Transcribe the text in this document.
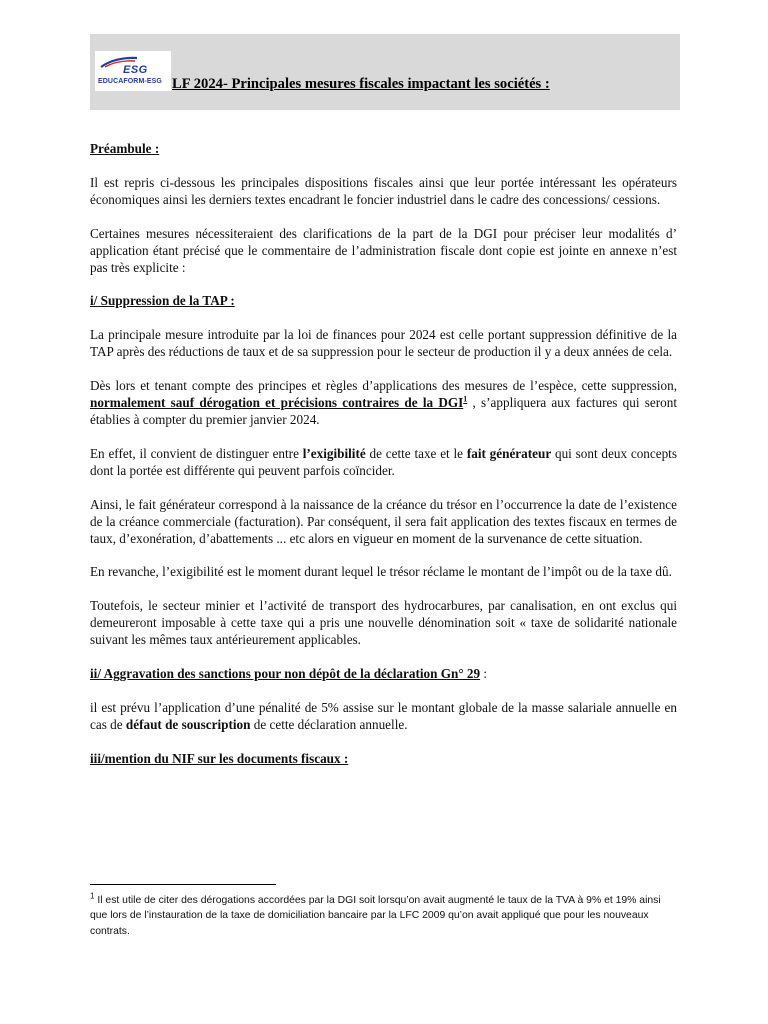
ESG
EDUCAFORM-ESG LF 2024- Principales mesures fiscales impactant les sociétés :

Préambule :

Il est repris ci-dessous les principales dispositions fiscales ainsi que leur portée intéressant les opérateurs économiques ainsi les derniers textes encadrant le foncier industriel dans le cadre des concessions/ cessions.

Certaines mesures nécessiteraient des clarifications de la part de la DGI pour préciser leur modalités d’ application étant précisé que le commentaire de l’administration fiscale dont copie est jointe en annexe n’est pas très explicite :

i/ Suppression de la TAP :

La principale mesure introduite par la loi de finances pour 2024 est celle portant suppression définitive de la TAP après des réductions de taux et de sa suppression pour le secteur de production il y a deux années de cela.

Dès lors et tenant compte des principes et règles d’applications des mesures de l’espèce, cette suppression, normalement sauf dérogation et précisions contraires de la DGI$^1$ , s’appliquera aux factures qui seront établies à compter du premier janvier 2024.

En effet, il convient de distinguer entre l’exigibilité de cette taxe et le fait générateur qui sont deux concepts dont la portée est différente qui peuvent parfois coïncider.

Ainsi, le fait générateur correspond à la naissance de la créance du trésor en l’occurrence la date de l’existence de la créance commerciale (facturation). Par conséquent, il sera fait application des textes fiscaux en termes de taux, d’exonération, d’abattements ... etc alors en vigueur en moment de la survenance de cette situation.

En revanche, l’exigibilité est le moment durant lequel le trésor réclame le montant de l’impôt ou de la taxe dû.

Toutefois, le secteur minier et l’activité de transport des hydrocarbures, par canalisation, en ont exclus qui demeureront imposable à cette taxe qui a pris une nouvelle dénomination soit « taxe de solidarité nationale suivant les mêmes taux antérieurement applicables.

ii/ Aggravation des sanctions pour non dépôt de la déclaration Gn° 29 :

il est prévu l’application d’une pénalité de 5% assise sur le montant globale de la masse salariale annuelle en cas de défaut de souscription de cette déclaration annuelle.

iii/mention du NIF sur les documents fiscaux :

$^1$ Il est utile de citer des dérogations accordées par la DGI soit lorsqu’on avait augmenté le taux de la TVA à 9% et 19% ainsi que lors de l’instauration de la taxe de domiciliation bancaire par la LFC 2009 qu’on avait appliqué que pour les nouveaux contrats.
